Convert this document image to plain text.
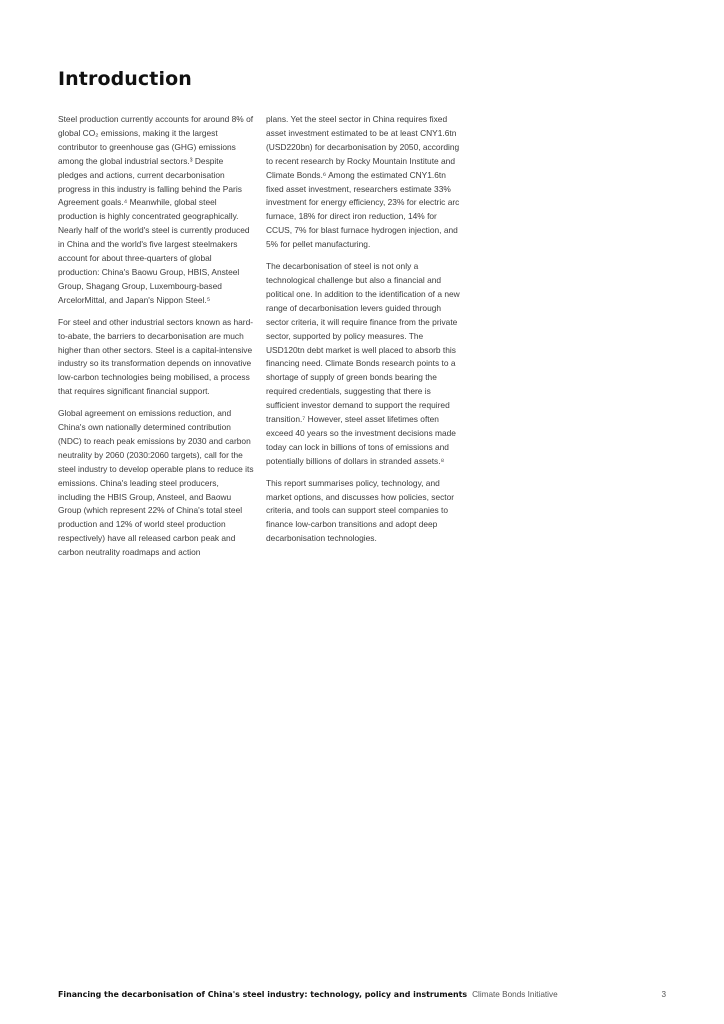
Introduction

Steel production currently accounts for around 8% of global CO₂ emissions, making it the largest contributor to greenhouse gas (GHG) emissions among the global industrial sectors.³ Despite pledges and actions, current decarbonisation progress in this industry is falling behind the Paris Agreement goals.⁴ Meanwhile, global steel production is highly concentrated geographically. Nearly half of the world's steel is currently produced in China and the world's five largest steelmakers account for about three-quarters of global production: China's Baowu Group, HBIS, Ansteel Group, Shagang Group, Luxembourg-based ArcelorMittal, and Japan's Nippon Steel.⁵

For steel and other industrial sectors known as hard-to-abate, the barriers to decarbonisation are much higher than other sectors. Steel is a capital-intensive industry so its transformation depends on innovative low-carbon technologies being mobilised, a process that requires significant financial support.

Global agreement on emissions reduction, and China's own nationally determined contribution (NDC) to reach peak emissions by 2030 and carbon neutrality by 2060 (2030:2060 targets), call for the steel industry to develop operable plans to reduce its emissions. China's leading steel producers, including the HBIS Group, Ansteel, and Baowu Group (which represent 22% of China's total steel production and 12% of world steel production respectively) have all released carbon peak and carbon neutrality roadmaps and action

plans. Yet the steel sector in China requires fixed asset investment estimated to be at least CNY1.6tn (USD220bn) for decarbonisation by 2050, according to recent research by Rocky Mountain Institute and Climate Bonds.⁶ Among the estimated CNY1.6tn fixed asset investment, researchers estimate 33% investment for energy efficiency, 23% for electric arc furnace, 18% for direct iron reduction, 14% for CCUS, 7% for blast furnace hydrogen injection, and 5% for pellet manufacturing.

The decarbonisation of steel is not only a technological challenge but also a financial and political one. In addition to the identification of a new range of decarbonisation levers guided through sector criteria, it will require finance from the private sector, supported by policy measures. The USD120tn debt market is well placed to absorb this financing need. Climate Bonds research points to a shortage of supply of green bonds bearing the required credentials, suggesting that there is sufficient investor demand to support the required transition.⁷ However, steel asset lifetimes often exceed 40 years so the investment decisions made today can lock in billions of tons of emissions and potentially billions of dollars in stranded assets.⁸

This report summarises policy, technology, and market options, and discusses how policies, sector criteria, and tools can support steel companies to finance low-carbon transitions and adopt deep decarbonisation technologies.

Financing the decarbonisation of China's steel industry: technology, policy and instruments Climate Bonds Initiative	3
